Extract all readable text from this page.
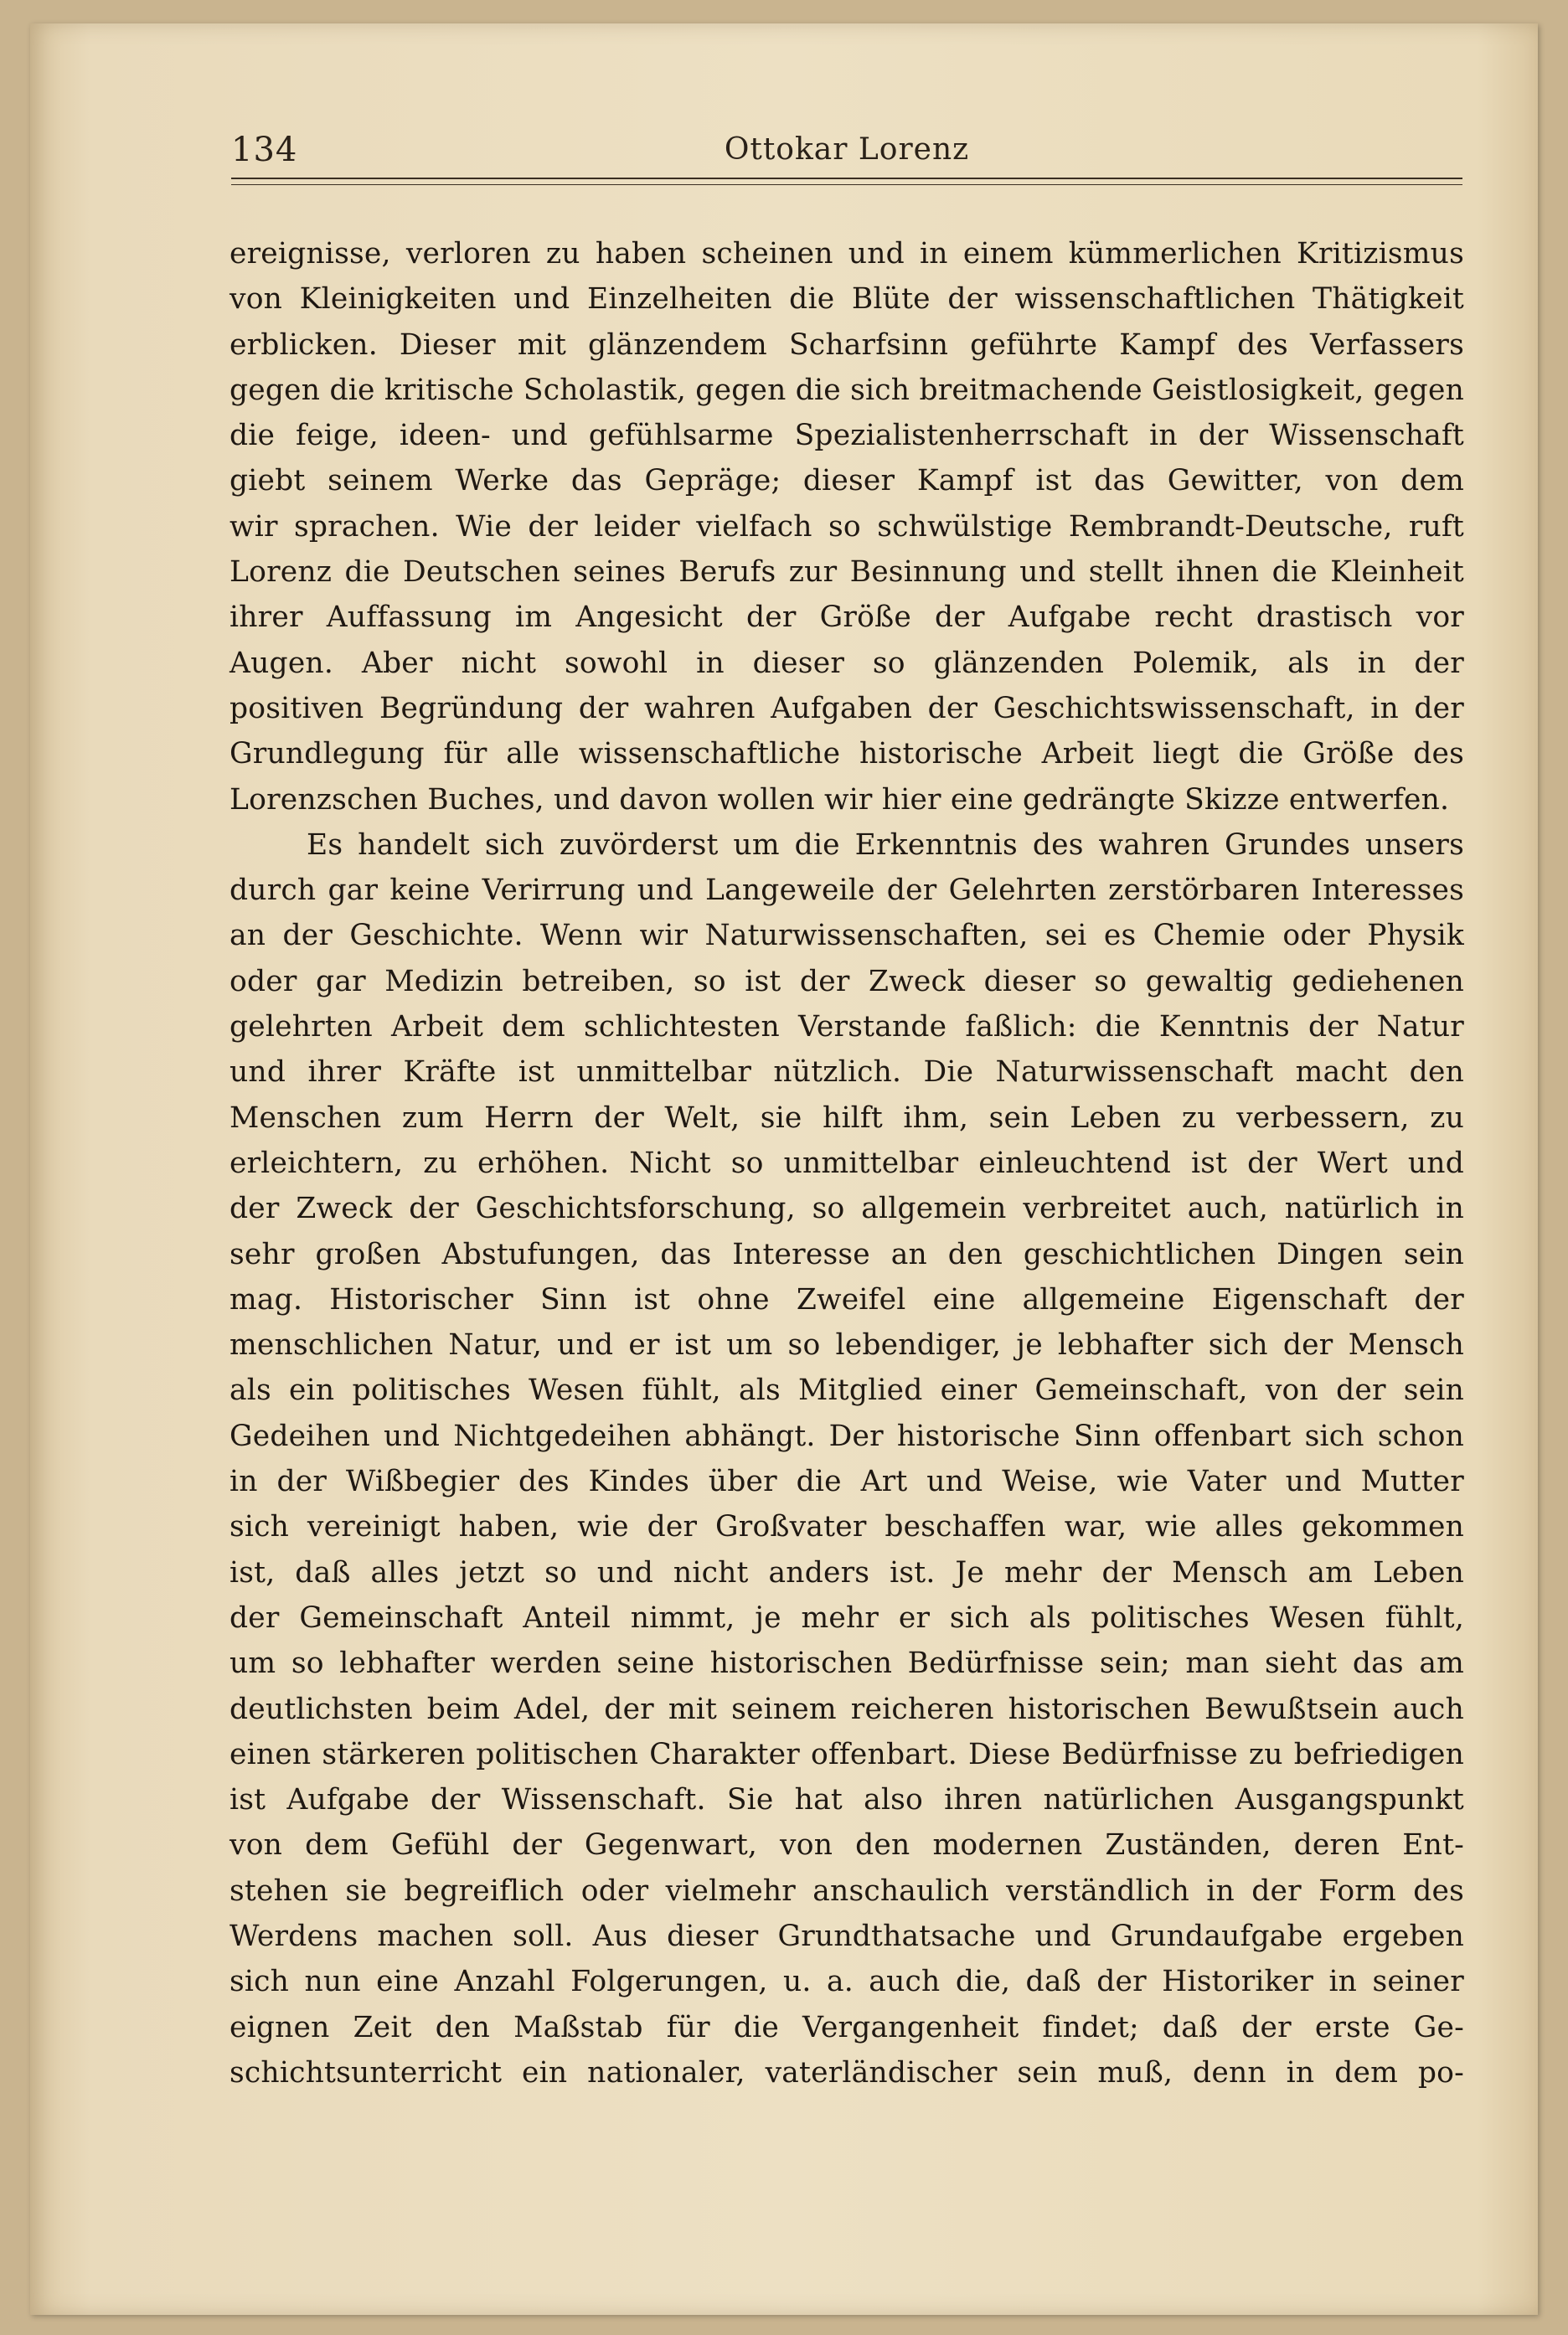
134	Ottokar Lorenz
ereignisse, verloren zu haben scheinen und in einem kümmerlichen Kritizismus
von Kleinigkeiten und Einzelheiten die Blüte der wissenschaftlichen Thätigkeit
erblicken. Dieser mit glänzendem Scharfsinn geführte Kampf des Verfassers
gegen die kritische Scholastik, gegen die sich breitmachende Geistlosigkeit, gegen
die feige, ideen- und gefühlsarme Spezialistenherrschaft in der Wissenschaft
giebt seinem Werke das Gepräge; dieser Kampf ist das Gewitter, von dem
wir sprachen. Wie der leider vielfach so schwülstige Rembrandt-Deutsche, ruft
Lorenz die Deutschen seines Berufs zur Besinnung und stellt ihnen die Kleinheit
ihrer Auffassung im Angesicht der Größe der Aufgabe recht drastisch vor
Augen. Aber nicht sowohl in dieser so glänzenden Polemik, als in der
positiven Begründung der wahren Aufgaben der Geschichtswissenschaft, in der
Grundlegung für alle wissenschaftliche historische Arbeit liegt die Größe des
Lorenzschen Buches, und davon wollen wir hier eine gedrängte Skizze entwerfen.
Es handelt sich zuvörderst um die Erkenntnis des wahren Grundes unsers
durch gar keine Verirrung und Langeweile der Gelehrten zerstörbaren Interesses
an der Geschichte. Wenn wir Naturwissenschaften, sei es Chemie oder Physik
oder gar Medizin betreiben, so ist der Zweck dieser so gewaltig gediehenen
gelehrten Arbeit dem schlichtesten Verstande faßlich: die Kenntnis der Natur
und ihrer Kräfte ist unmittelbar nützlich. Die Naturwissenschaft macht den
Menschen zum Herrn der Welt, sie hilft ihm, sein Leben zu verbessern, zu
erleichtern, zu erhöhen. Nicht so unmittelbar einleuchtend ist der Wert und
der Zweck der Geschichtsforschung, so allgemein verbreitet auch, natürlich in
sehr großen Abstufungen, das Interesse an den geschichtlichen Dingen sein
mag. Historischer Sinn ist ohne Zweifel eine allgemeine Eigenschaft der
menschlichen Natur, und er ist um so lebendiger, je lebhafter sich der Mensch
als ein politisches Wesen fühlt, als Mitglied einer Gemeinschaft, von der sein
Gedeihen und Nichtgedeihen abhängt. Der historische Sinn offenbart sich schon
in der Wißbegier des Kindes über die Art und Weise, wie Vater und Mutter
sich vereinigt haben, wie der Großvater beschaffen war, wie alles gekommen
ist, daß alles jetzt so und nicht anders ist. Je mehr der Mensch am Leben
der Gemeinschaft Anteil nimmt, je mehr er sich als politisches Wesen fühlt,
um so lebhafter werden seine historischen Bedürfnisse sein; man sieht das am
deutlichsten beim Adel, der mit seinem reicheren historischen Bewußtsein auch
einen stärkeren politischen Charakter offenbart. Diese Bedürfnisse zu befriedigen
ist Aufgabe der Wissenschaft. Sie hat also ihren natürlichen Ausgangspunkt
von dem Gefühl der Gegenwart, von den modernen Zuständen, deren Ent-
stehen sie begreiflich oder vielmehr anschaulich verständlich in der Form des
Werdens machen soll. Aus dieser Grundthatsache und Grundaufgabe ergeben
sich nun eine Anzahl Folgerungen, u. a. auch die, daß der Historiker in seiner
eignen Zeit den Maßstab für die Vergangenheit findet; daß der erste Ge-
schichtsunterricht ein nationaler, vaterländischer sein muß, denn in dem po-
